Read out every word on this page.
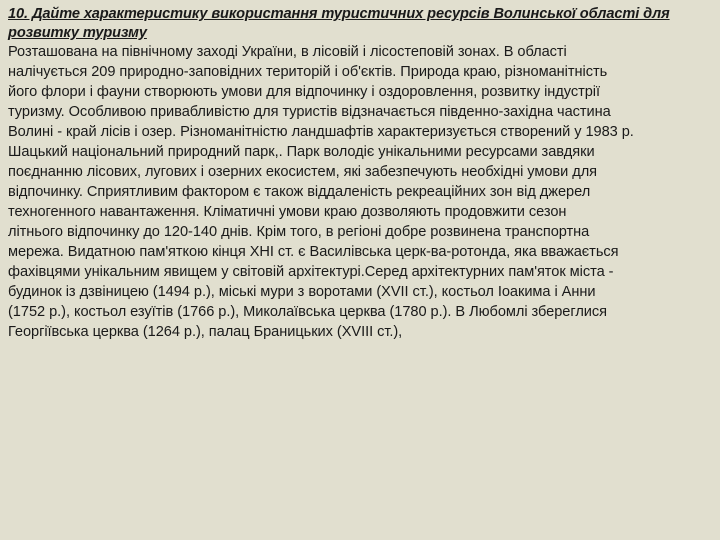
10. Дайте характеристику використання туристичних ресурсів Волинської області для
розвитку туризму

Розташована на північному заході України, в лісовій і лісостеповій зонах. В області
налічується 209 природно-заповідних територій і об'єктів. Природа краю, різноманітність
його флори і фауни створюють умови для відпочинку і оздоровлення, розвитку індустрії
туризму. Особливою привабливістю для туристів відзначається південно-західна частина
Волині - край лісів і озер. Різноманітністю ландшафтів характеризується створений у 1983 р.
Шацький національний природний парк,. Парк володіє унікальними ресурсами завдяки
поєднанню лісових, лугових і озерних екосистем, які забезпечують необхідні умови для
відпочинку. Сприятливим фактором є також віддаленість рекреаційних зон від джерел
техногенного навантаження. Кліматичні умови краю дозволяють продовжити сезон
літнього відпочинку до 120-140 днів. Крім того, в регіоні добре розвинена транспортна
мережа. Видатною пам'яткою кінця ХНІ ст. є Василівська церк-ва-ротонда, яка вважається
фахівцями унікальним явищем у світовій архітектурі.Серед архітектурних пам'яток міста -
будинок із дзвіницею (1494 р.), міські мури з воротами (XVII ст.), костьол Іоакима і Анни
(1752 р.), костьол езуїтів (1766 р.), Миколаївська церква (1780 р.). В Любомлі збереглися
Георгіївська церква (1264 р.), палац Браницьких (XVIII ст.),
